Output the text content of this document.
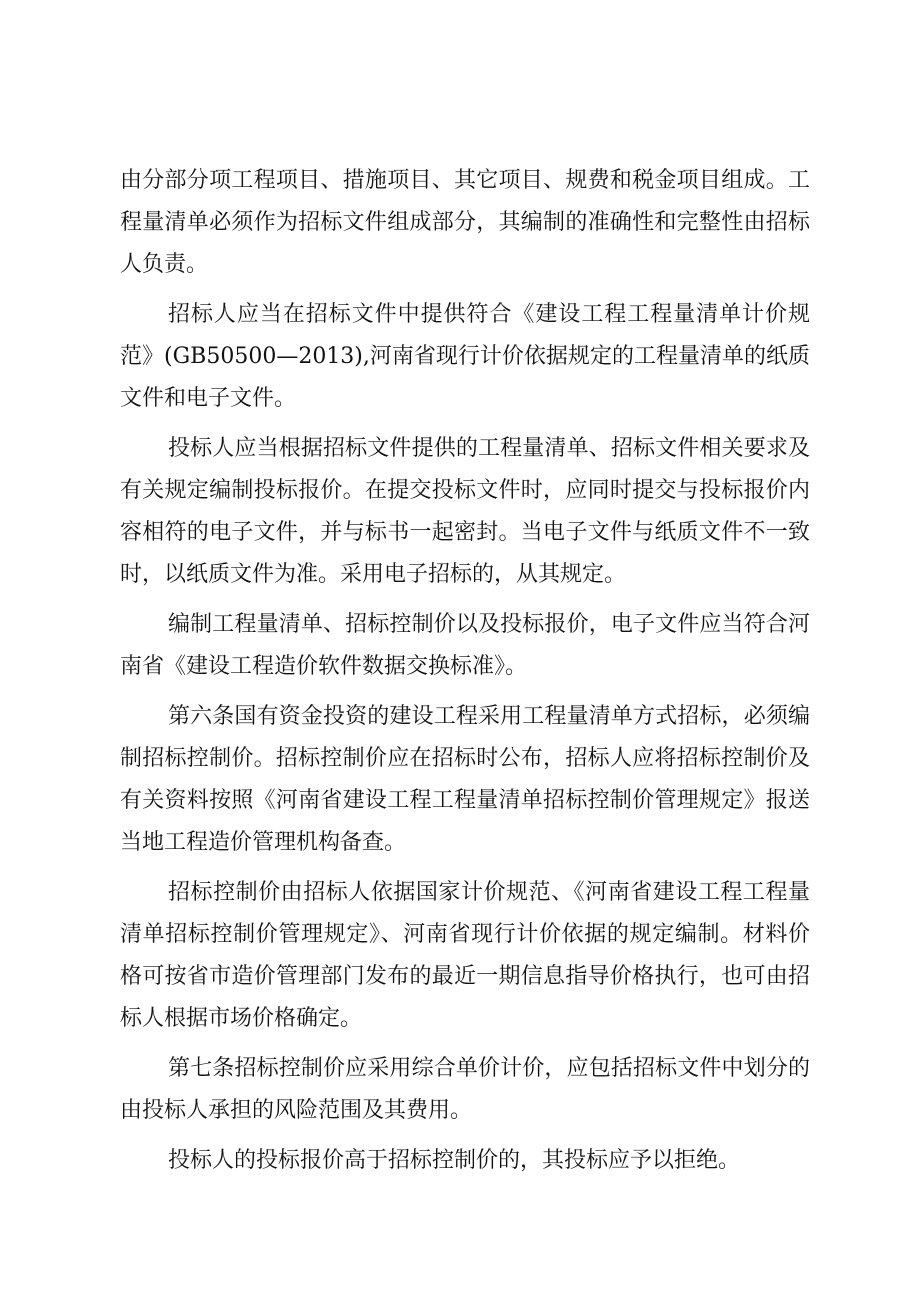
由分部分项工程项目、措施项目、其它项目、规费和税金项目组成。工程量清单必须作为招标文件组成部分，其编制的准确性和完整性由招标人负责。

招标人应当在招标文件中提供符合《建设工程工程量清单计价规范》(GB50500—2013),河南省现行计价依据规定的工程量清单的纸质文件和电子文件。

投标人应当根据招标文件提供的工程量清单、招标文件相关要求及有关规定编制投标报价。在提交投标文件时，应同时提交与投标报价内容相符的电子文件，并与标书一起密封。当电子文件与纸质文件不一致时，以纸质文件为准。采用电子招标的，从其规定。

编制工程量清单、招标控制价以及投标报价，电子文件应当符合河南省《建设工程造价软件数据交换标准》。

第六条国有资金投资的建设工程采用工程量清单方式招标，必须编制招标控制价。招标控制价应在招标时公布，招标人应将招标控制价及有关资料按照《河南省建设工程工程量清单招标控制价管理规定》报送当地工程造价管理机构备查。

招标控制价由招标人依据国家计价规范、《河南省建设工程工程量清单招标控制价管理规定》、河南省现行计价依据的规定编制。材料价格可按省市造价管理部门发布的最近一期信息指导价格执行，也可由招标人根据市场价格确定。

第七条招标控制价应采用综合单价计价，应包括招标文件中划分的由投标人承担的风险范围及其费用。

投标人的投标报价高于招标控制价的，其投标应予以拒绝。
